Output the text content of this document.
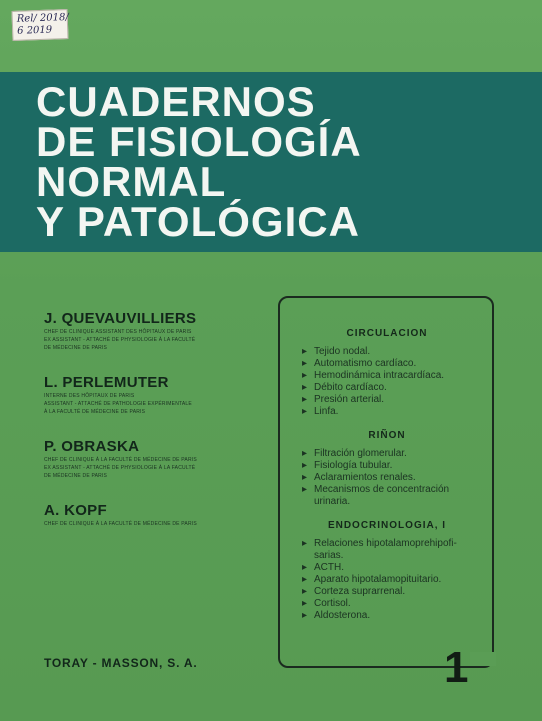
Rel/ 2018/
6 2019
CUADERNOS
DE FISIOLOGÍA
NORMAL
Y PATOLÓGICA
J. QUEVAUVILLIERS
CHEF DE CLINIQUE ASSISTANT DES HÔPITAUX DE PARIS
EX ASSISTANT - ATTACHÉ DE PHYSIOLOGIE À LA FACULTÉ
DE MÉDECINE DE PARIS
L. PERLEMUTER
INTERNE DES HÔPITAUX DE PARIS
ASSISTANT - ATTACHÉ DE PATHOLOGIE EXPÉRIMENTALE
À LA FACULTÉ DE MÉDECINE DE PARIS
P. OBRASKA
CHEF DE CLINIQUE À LA FACULTÉ DE MÉDECINE DE PARIS
EX ASSISTANT - ATTACHÉ DE PHYSIOLOGIE À LA FACULTÉ
DE MÉDECINE DE PARIS
A. KOPF
CHEF DE CLINIQUE À LA FACULTÉ DE MÉDECINE DE PARIS
CIRCULACION
▸ Tejido nodal.
▸ Automatismo cardíaco.
▸ Hemodinámica intracardíaca.
▸ Débito cardíaco.
▸ Presión arterial.
▸ Linfa.
RIÑON
▸ Filtración glomerular.
▸ Fisiología tubular.
▸ Aclaramientos renales.
▸ Mecanismos de concentración urinaria.
ENDOCRINOLOGIA, I
▸ Relaciones hipotalamoprehipofi-sarias.
▸ ACTH.
▸ Aparato hipotalamopituitario.
▸ Corteza suprarrenal.
▸ Cortisol.
▸ Aldosterona.
1
TORAY - MASSON, S. A.
